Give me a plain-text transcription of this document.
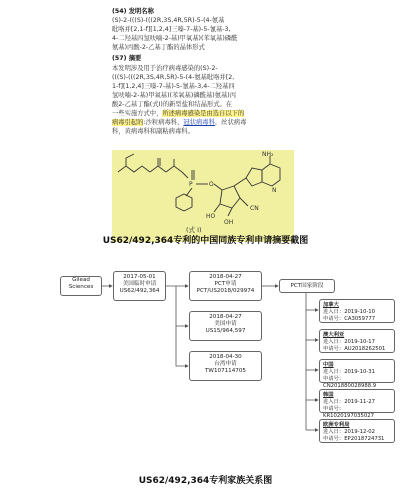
(54) 发明名称
(S)-2-(((S)-(((2R,3S,4R,5R)-5-(4-氨基
吡咯并[2,1-f][1,2,4]三嗪-7-基)-5-氰基-3,
4-二羟基四氢呋喃-2-基)甲氧基)(苯氧基)磷酰
氨基)丙酸-2-乙基丁酯的晶体形式
(57) 摘要
本发明涉及用于治疗病毒感染的(S)-2-
(((S)-(((2R,3S,4R,5R)-5-(4-氨基吡咯并[2,
1-f][1,2,4]三嗪-7-基)-5-氰基-3,4-二羟基四
氢呋喃-2-基)甲氧基)(苯氧基)磷酰基)氨基)丙
酸2-乙基丁酯(式I)的新型盐和结晶形式。在
一些实施方式中，所述病毒感染是由选自以下的
病毒引起的:沙粒病毒科，冠状病毒科，丝状病毒
科，黄病毒科和副粘病毒科。
NH₂
P	O
CN
HO
OH
N
(式 I)
US62/492,364专利的中国同族专利申请摘要截图
Gilead
Sciences
2017-05-01
美国临时申请
US62/492,364
2018-04-27
PCT申请
PCT/US2018/029974
2018-04-27
美国申请
US15/964,597
2018-04-30
台湾申请
TW107114705
PCT国家阶段
加拿大
进入日：2019-10-10
申请号：CA3059777
澳大利亚
进入日：2019-10-17
申请号：AU2018262501
中国
进入日：2019-10-31
申请号：CN201880028988.9
韩国
进入日：2019-11-27
申请号：KR1020197035027
欧洲专利局
进入日：2019-12-02
申请号：EP2018724731
US62/492,364专利家族关系图
